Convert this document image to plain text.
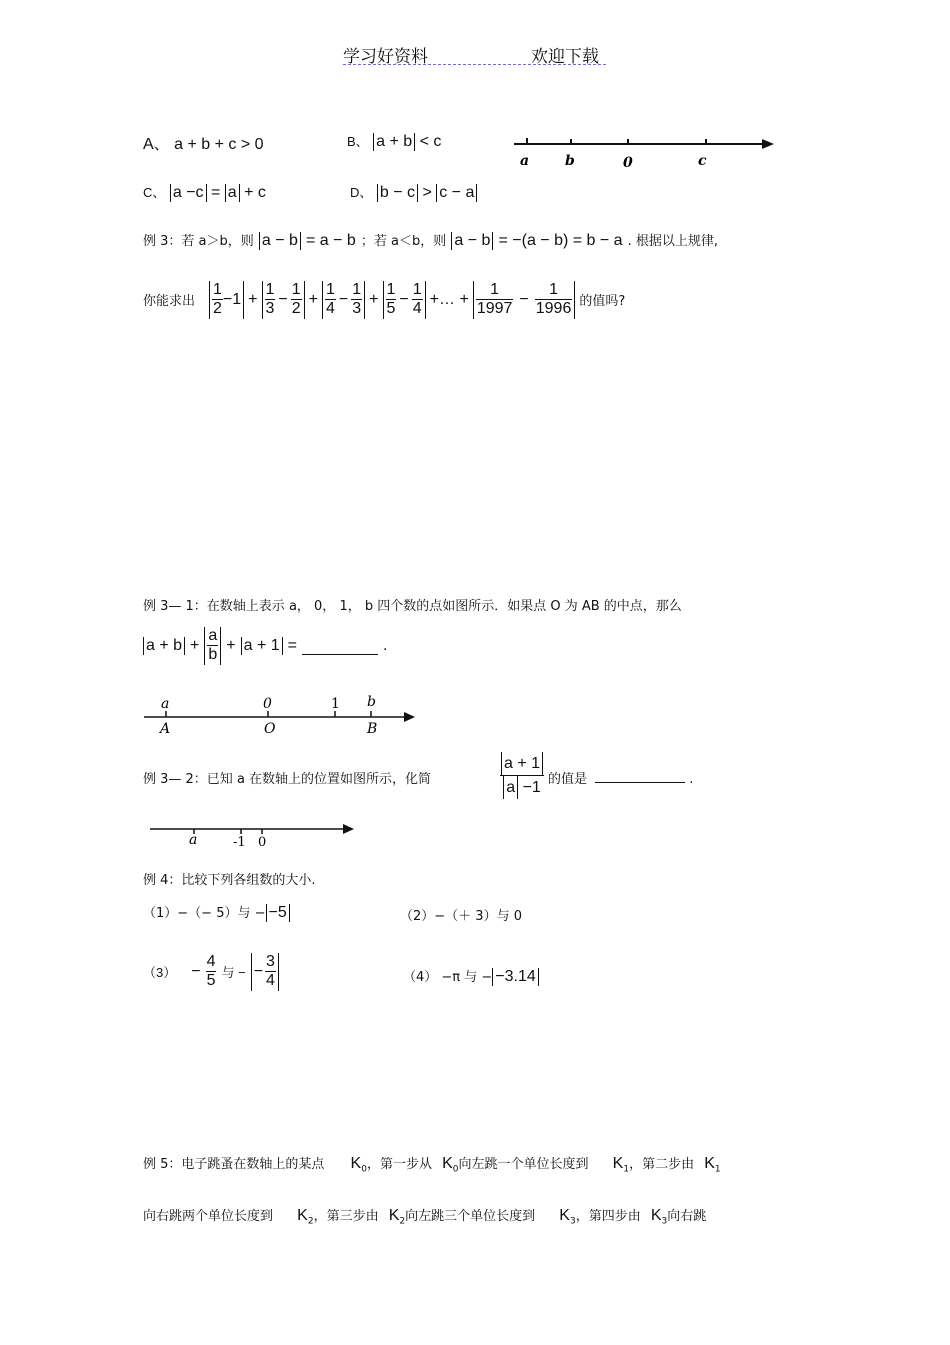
学习好资料	欢迎下载
A、 a + b + c > 0	B、 a + b < c
C、 a −c = a + c	D、 b − c > c − a
a	b	0	c
例 3：若 a＞b，则 a − b = a − b ；若 a＜b，则 a − b = −(a − b) = b − a . 根据以上规律,
你能求出 $\frac{1}{2} -1 + \frac{1}{3} - \frac{1}{2} + \frac{1}{4} - \frac{1}{3} + \frac{1}{5} - \frac{1}{4}$ +… + $\frac{1}{1997} - \frac{1}{1996}$ 的值吗?
例 3— 1：在数轴上表示 a， 0， 1， b 四个数的点如图所示．如果点 O 为 AB 的中点，那么
$a + b + \frac{a}{b} + a + 1$ =	.
a	0	1 b
A	O	B
例 3— 2：已知 a 在数轴上的位置如图所示，化简	$\frac{a + 1}{a -1}$ 的值是	.
a	-1 0
例 4：比较下列各组数的大小.
（1）−（− 5）与 − −5	（2）−（＋ 3）与 0
$(3) - \frac{4}{5}$ 与 − − $\frac{3}{4}$	（4） −π 与 − −3.14
例 5：电子跳蚤在数轴上的某点 $K_0$，第一步从 $K_0$向左跳一个单位长度到 $K_1$，第二步由 $K_1$
向右跳两个单位长度到 $K_2$，第三步由 $K_2$向左跳三个单位长度到 $K_3$，第四步由 $K_3$向右跳
